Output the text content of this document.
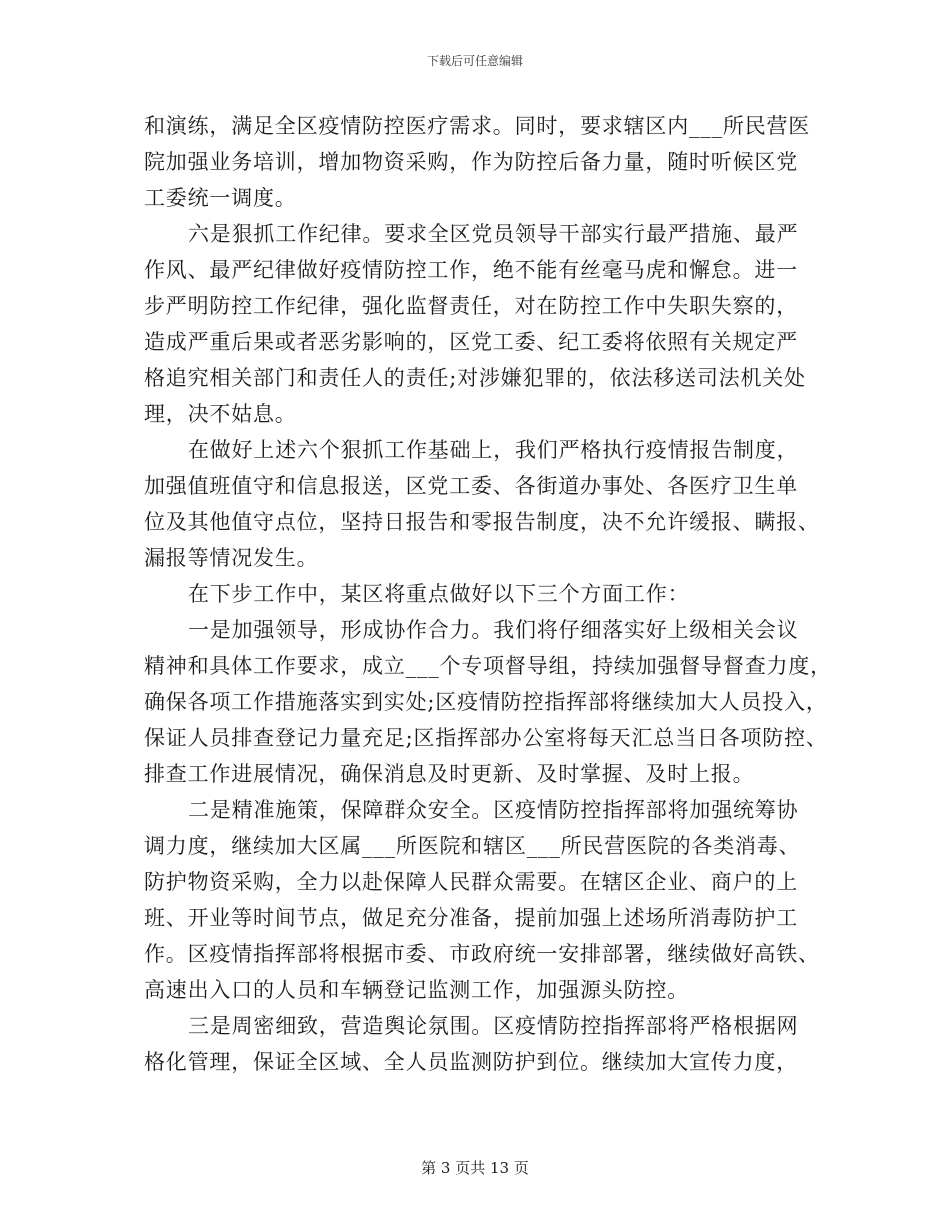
下载后可任意编辑
和演练，满足全区疫情防控医疗需求。同时，要求辖区内___所民营医
院加强业务培训，增加物资采购，作为防控后备力量，随时听候区党
工委统一调度。
六是狠抓工作纪律。要求全区党员领导干部实行最严措施、最严
作风、最严纪律做好疫情防控工作，绝不能有丝毫马虎和懈怠。进一
步严明防控工作纪律，强化监督责任，对在防控工作中失职失察的，
造成严重后果或者恶劣影响的，区党工委、纪工委将依照有关规定严
格追究相关部门和责任人的责任;对涉嫌犯罪的，依法移送司法机关处
理，决不姑息。
在做好上述六个狠抓工作基础上，我们严格执行疫情报告制度，
加强值班值守和信息报送，区党工委、各街道办事处、各医疗卫生单
位及其他值守点位，坚持日报告和零报告制度，决不允许缓报、瞒报、
漏报等情况发生。
在下步工作中，某区将重点做好以下三个方面工作：
一是加强领导，形成协作合力。我们将仔细落实好上级相关会议
精神和具体工作要求，成立___个专项督导组，持续加强督导督查力度，
确保各项工作措施落实到实处;区疫情防控指挥部将继续加大人员投入，
保证人员排查登记力量充足;区指挥部办公室将每天汇总当日各项防控、
排查工作进展情况，确保消息及时更新、及时掌握、及时上报。
二是精准施策，保障群众安全。区疫情防控指挥部将加强统筹协
调力度，继续加大区属___所医院和辖区___所民营医院的各类消毒、
防护物资采购，全力以赴保障人民群众需要。在辖区企业、商户的上
班、开业等时间节点，做足充分准备，提前加强上述场所消毒防护工
作。区疫情指挥部将根据市委、市政府统一安排部署，继续做好高铁、
高速出入口的人员和车辆登记监测工作，加强源头防控。
三是周密细致，营造舆论氛围。区疫情防控指挥部将严格根据网
格化管理，保证全区域、全人员监测防护到位。继续加大宣传力度，
第 3 页共 13 页
